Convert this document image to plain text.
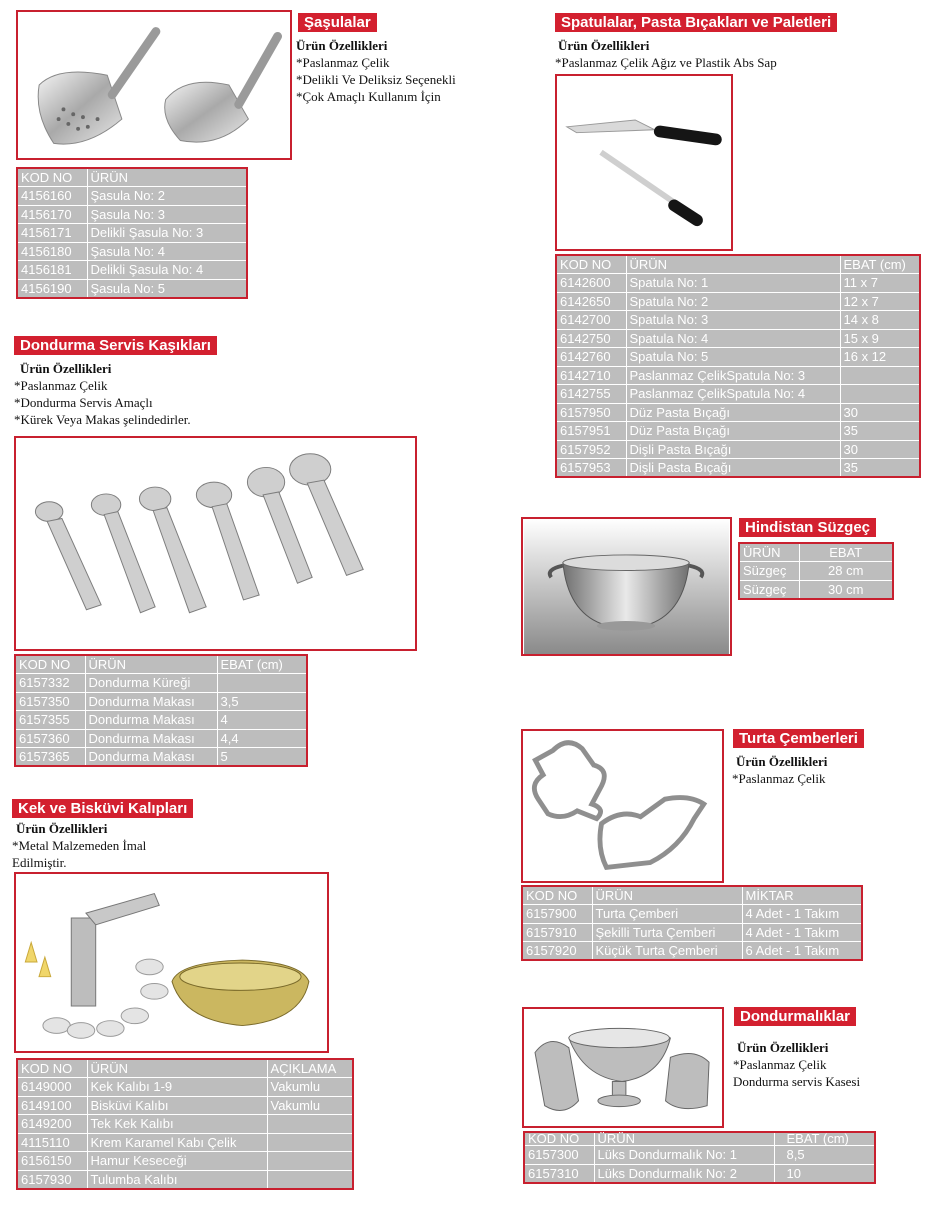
Şaşulalar
Ürün Özellikleri
*Paslanmaz Çelik
*Delikli Ve Deliksiz Seçenekli
*Çok Amaçlı Kullanım İçin
KOD NO	ÜRÜN
4156160	Şasula No: 2
4156170	Şasula No: 3
4156171	Delikli Şasula No: 3
4156180	Şasula No: 4
4156181	Delikli Şasula No: 4
4156190	Şasula No: 5
Spatulalar, Pasta Bıçakları ve Paletleri
Ürün Özellikleri
*Paslanmaz Çelik Ağız ve Plastik Abs Sap
KOD NO	ÜRÜN	EBAT (cm)
6142600	Spatula No: 1	11 x 7
6142650	Spatula No: 2	12 x 7
6142700	Spatula No: 3	14 x 8
6142750	Spatula No: 4	15 x 9
6142760	Spatula No: 5	16 x 12
6142710	Paslanmaz ÇelikSpatula No: 3	
6142755	Paslanmaz ÇelikSpatula No: 4	
6157950	Düz Pasta Bıçağı	30
6157951	Düz Pasta Bıçağı	35
6157952	Dişli Pasta Bıçağı	30
6157953	Dişli Pasta Bıçağı	35
Dondurma Servis Kaşıkları
Ürün Özellikleri
*Paslanmaz Çelik
*Dondurma Servis Amaçlı
*Kürek Veya Makas şelindedirler.
KOD NO	ÜRÜN	EBAT (cm)
6157332	Dondurma Küreği	
6157350	Dondurma Makası	3,5
6157355	Dondurma Makası	4
6157360	Dondurma Makası	4,4
6157365	Dondurma Makası	5
Hindistan Süzgeç
ÜRÜN	EBAT
Süzgeç	28 cm
Süzgeç	30 cm
Turta Çemberleri
Ürün Özellikleri
*Paslanmaz Çelik
KOD NO	ÜRÜN	MİKTAR
6157900	Turta Çemberi	4 Adet - 1 Takım
6157910	Şekilli Turta Çemberi	4 Adet - 1 Takım
6157920	Küçük Turta Çemberi	6 Adet - 1 Takım
Kek ve Bisküvi Kalıpları
Ürün Özellikleri
*Metal Malzemeden İmal
Edilmiştir.
KOD NO	ÜRÜN	AÇIKLAMA
6149000	Kek Kalıbı 1-9	Vakumlu
6149100	Bisküvi Kalıbı	Vakumlu
6149200	Tek Kek Kalıbı	
4115110	Krem Karamel Kabı Çelik	
6156150	Hamur Keseceği	
6157930	Tulumba Kalıbı	
Dondurmalıklar
Ürün Özellikleri
*Paslanmaz Çelik
Dondurma servis Kasesi
KOD NO	ÜRÜN	EBAT (cm)
6157300	Lüks Dondurmalık No: 1	8,5
6157310	Lüks Dondurmalık No: 2	10
